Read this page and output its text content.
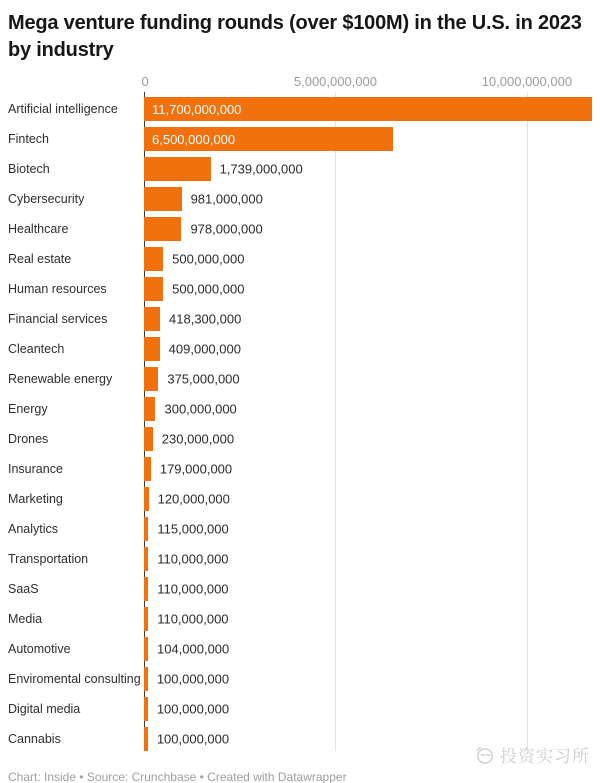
Mega venture funding rounds (over $100M) in the U.S. in 2023 by industry
0	5,000,000,000	10,000,000,000
Artificial intelligence	11,700,000,000
Fintech	6,500,000,000
Biotech	1,739,000,000
Cybersecurity	981,000,000
Healthcare	978,000,000
Real estate	500,000,000
Human resources	500,000,000
Financial services	418,300,000
Cleantech	409,000,000
Renewable energy	375,000,000
Energy	300,000,000
Drones	230,000,000
Insurance	179,000,000
Marketing	120,000,000
Analytics	115,000,000
Transportation	110,000,000
SaaS	110,000,000
Media	110,000,000
Automotive	104,000,000
Enviromental consulting 100,000,000
Digital media	100,000,000
Cannabis	100,000,000
Chart: Inside • Source: Crunchbase • Created with Datawrapper
投资实习所
